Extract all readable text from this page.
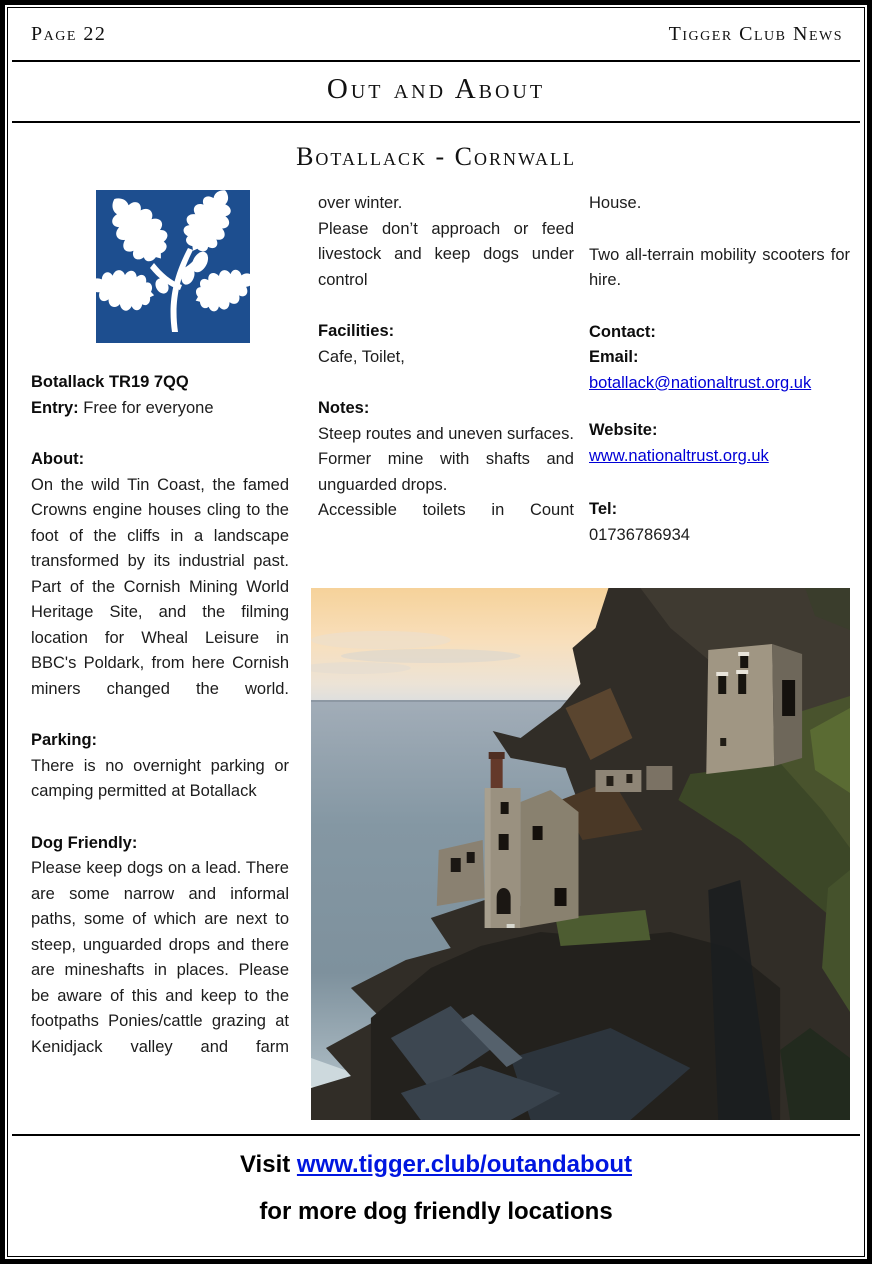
Page 22	Tigger Club News
Out and About
Botallack - Cornwall

Botallack TR19 7QQ

Entry: Free for everyone

About:

On the wild Tin Coast, the famed Crowns engine houses cling to the foot of the cliffs in a landscape transformed by its industrial past. Part of the Cornish Mining World Heritage Site, and the filming location for Wheal Leisure in BBC's Poldark, from here Cornish miners changed the world.

Parking:

There is no overnight parking or camping permitted at Botallack

Dog Friendly:

Please keep dogs on a lead. There are some narrow and informal paths, some of which are next to steep, unguarded drops and there are mineshafts in places. Please be aware of this and keep to the footpaths Ponies/cattle grazing at Kenidjack valley and farm

over winter.

Please don’t approach or feed livestock and keep dogs under control

Facilities:

Cafe, Toilet,

Notes:

Steep routes and uneven surfaces.

Former mine with shafts and unguarded drops.

Accessible toilets in Count

House.

Two all-terrain mobility scooters for hire.

Contact:

Email:

botallack@nationaltrust.org.uk

Website:

www.nationaltrust.org.uk

Tel:

01736786934

Visit www.tigger.club/outandabout
for more dog friendly locations
